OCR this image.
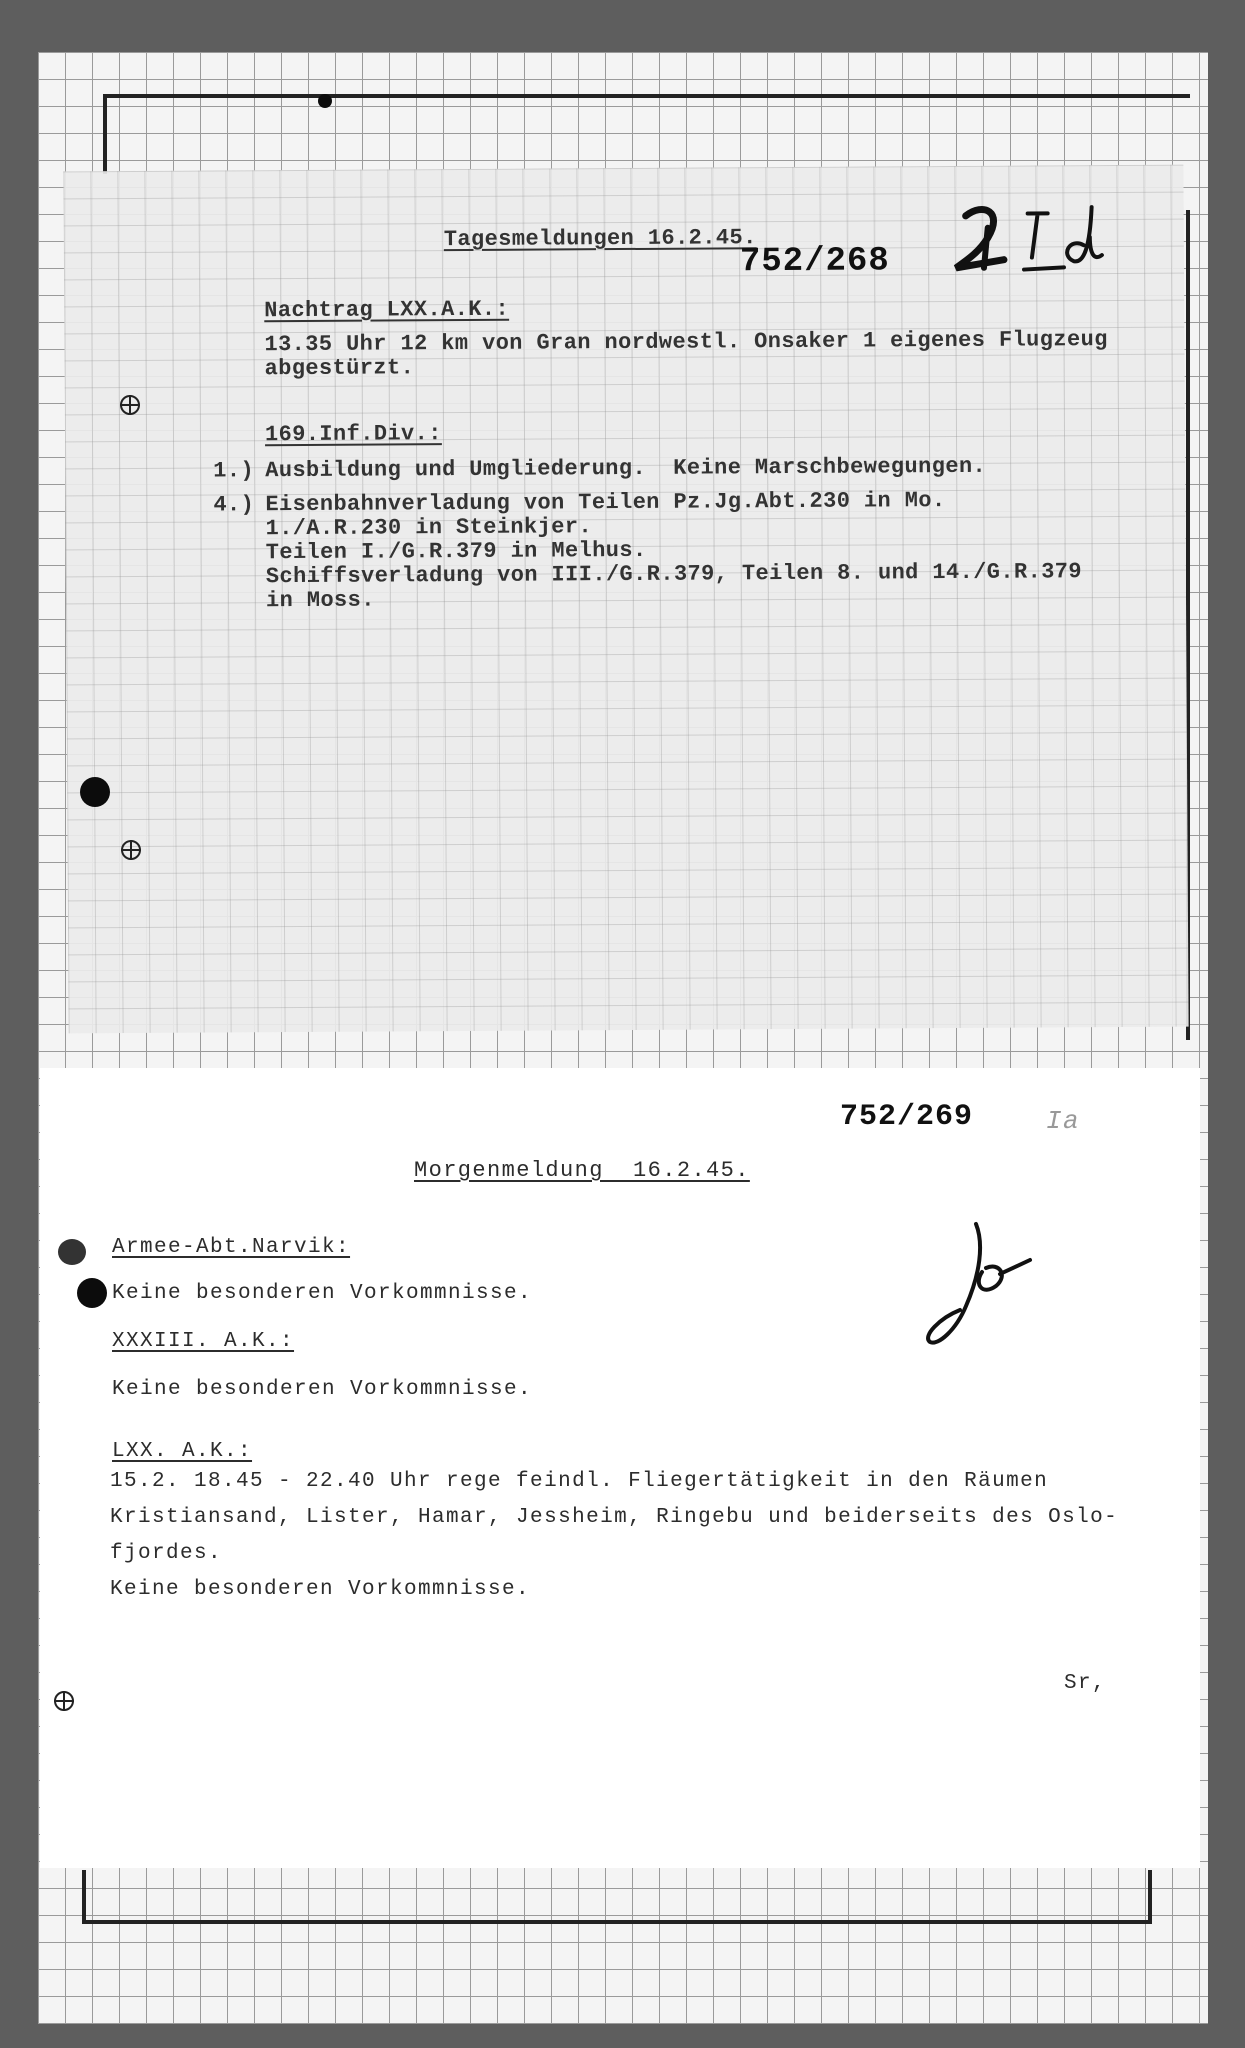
Tagesmeldungen 16.2.45.
752/268
Nachtrag LXX.A.K.:
13.35 Uhr 12 km von Gran nordwestl. Onsaker 1 eigenes Flugzeug
abgestürzt.
169.Inf.Div.:
1.) Ausbildung und Umgliederung.  Keine Marschbewegungen.
4.) Eisenbahnverladung von Teilen Pz.Jg.Abt.230 in Mo.
1./A.R.230 in Steinkjer.
Teilen I./G.R.379 in Melhus.
Schiffsverladung von III./G.R.379, Teilen 8. und 14./G.R.379
in Moss.
752/269	Ia
Morgenmeldung  16.2.45.
Armee-Abt.Narvik:
Keine besonderen Vorkommnisse.
XXXIII. A.K.:
Keine besonderen Vorkommnisse.
LXX. A.K.:
15.2. 18.45 - 22.40 Uhr rege feindl. Fliegertätigkeit in den Räumen
Kristiansand, Lister, Hamar, Jessheim, Ringebu und beiderseits des Oslo-
fjordes.
Keine besonderen Vorkommnisse.
Sr,
